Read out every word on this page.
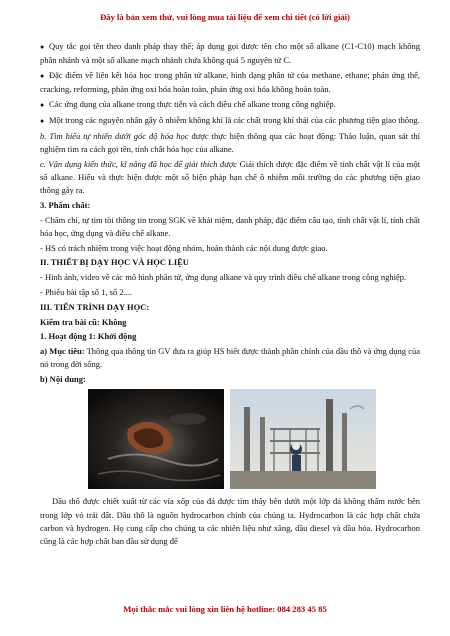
Đây là bản xem thử, vui lòng mua tài liệu để xem chi tiết (có lời giải)

● Quy tắc gọi tên theo danh pháp thay thế; áp dụng gọi được tên cho một số alkane (C1-C10) mạch không phân nhánh và một số alkane mạch nhánh chứa không quá 5 nguyên tử C.

● Đặc điểm về liên kết hóa học trong phân tử alkane, hình dạng phân tử của methane, ethane; phản ứng thế, cracking, reforming, phản ứng oxi hóa hoàn toàn, phản ứng oxi hóa không hoàn toàn.

● Các ứng dụng của alkane trong thực tiễn và cách điều chế alkane trong công nghiệp.

● Một trong các nguyên nhân gây ô nhiễm không khí là các chất trong khí thải của các phương tiện giao thông.

b. Tìm hiểu tự nhiên dưới góc độ hóa học được thực hiện thông qua các hoạt động: Thảo luận, quan sát thí nghiệm tìm ra cách gọi tên, tính chất hóa học của alkane.

c. Vận dụng kiến thức, kĩ năng đã học để giải thích được Giải thích được đặc điểm về tính chất vật lí của một số alkane. Hiểu và thực hiện được một số biện pháp hạn chế ô nhiễm môi trường do các phương tiện giao thông gây ra.

3. Phẩm chất:

- Chăm chỉ, tự tìm tòi thông tin trong SGK về khái niệm, danh pháp, đặc điểm cấu tạo, tính chất vật lí, tính chất hóa học, ứng dụng và điều chế alkane.

- HS có trách nhiệm trong việc hoạt động nhóm, hoàn thành các nội dung được giao.

II. THIẾT BỊ DẠY HỌC VÀ HỌC LIỆU

- Hình ảnh, video về các mô hình phân tử, ứng dụng alkane và quy trình điều chế alkane trong công nghiệp.

- Phiếu bài tập số 1, số 2....

III. TIẾN TRÌNH DẠY HỌC:

Kiểm tra bài cũ: Không

1. Hoạt động 1: Khởi động

a) Mục tiêu: Thông qua thông tin GV đưa ra giúp HS biết được thành phần chính của dầu thô và ứng dụng của nó trong đời sống.

b) Nội dung:

Dầu thô được chiết xuất từ các vỉa xốp của đá được tìm thấy bên dưới một lớp đá không thấm nước bên trong lớp vỏ trái đất. Dầu thô là nguồn hydrocarbon chính của chúng ta. Hydrocarbon là các hợp chất chứa carbon và hydrogen. Họ cung cấp cho chúng ta các nhiên liệu như xăng, dầu diesel và dầu hỏa. Hydrocarbon cũng là các hợp chất ban đầu sử dụng để

Mọi thắc mắc vui lòng xin liên hệ hotline: 084 283 45 85
